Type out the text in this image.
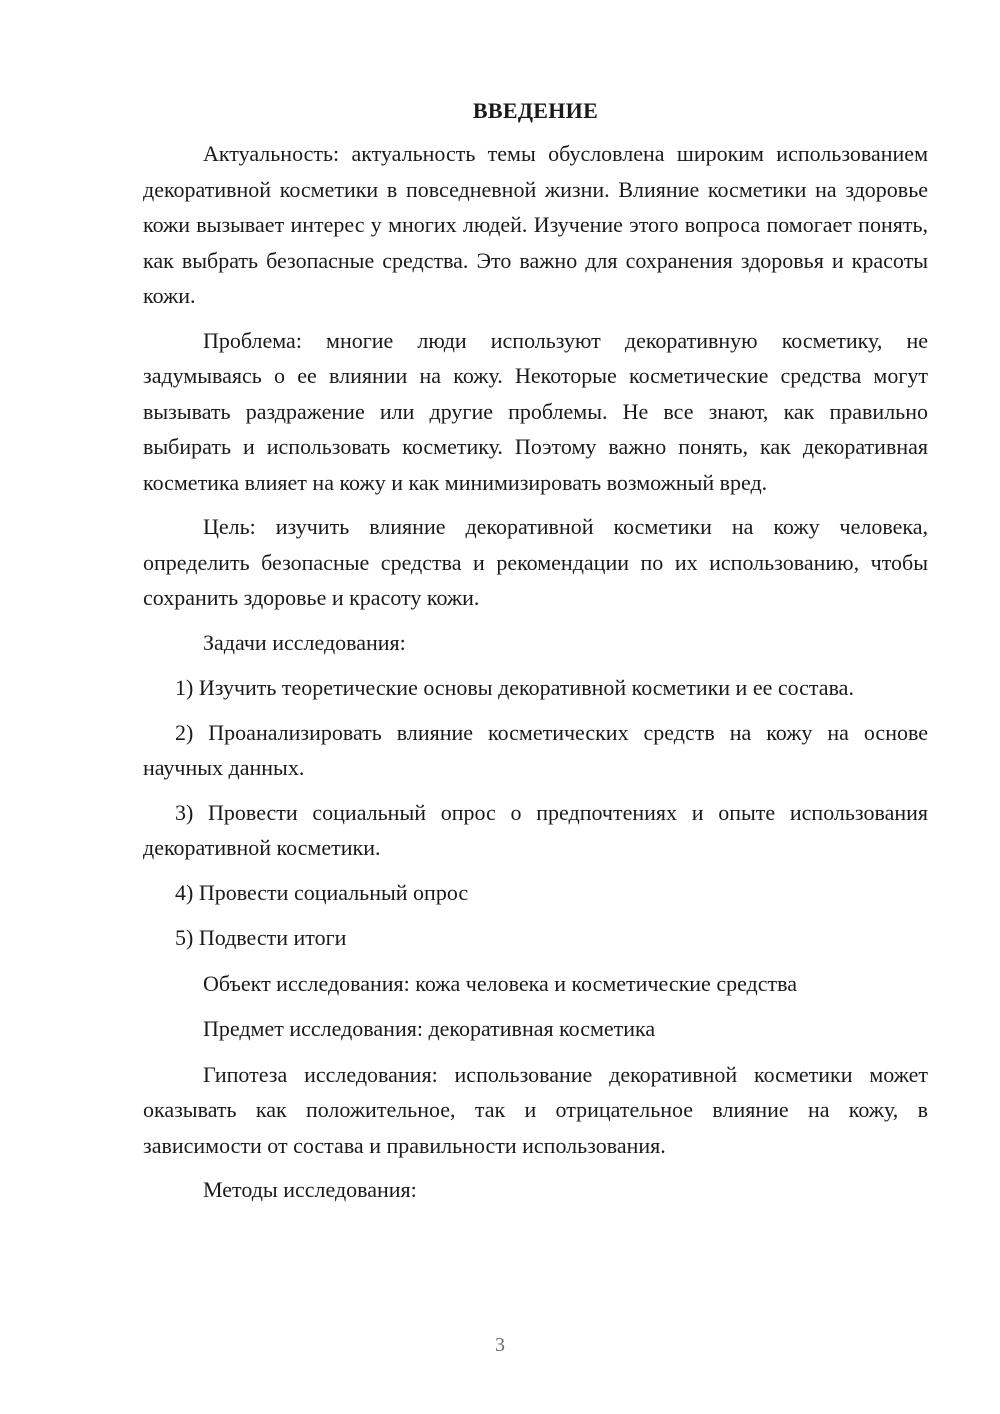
ВВЕДЕНИЕ

Актуальность: актуальность темы обусловлена широким использованием декоративной косметики в повседневной жизни. Влияние косметики на здоровье кожи вызывает интерес у многих людей. Изучение этого вопроса помогает понять, как выбрать безопасные средства. Это важно для сохранения здоровья и красоты кожи.

Проблема: многие люди используют декоративную косметику, не задумываясь о ее влиянии на кожу. Некоторые косметические средства могут вызывать раздражение или другие проблемы. Не все знают, как правильно выбирать и использовать косметику. Поэтому важно понять, как декоративная косметика влияет на кожу и как минимизировать возможный вред.

Цель: изучить влияние декоративной косметики на кожу человека, определить безопасные средства и рекомендации по их использованию, чтобы сохранить здоровье и красоту кожи.

Задачи исследования:

1) Изучить теоретические основы декоративной косметики и ее состава.

2) Проанализировать влияние косметических средств на кожу на основе научных данных.

3) Провести социальный опрос о предпочтениях и опыте использования декоративной косметики.

4) Провести социальный опрос

5) Подвести итоги

Объект исследования: кожа человека и косметические средства

Предмет исследования: декоративная косметика

Гипотеза исследования: использование декоративной косметики может оказывать как положительное, так и отрицательное влияние на кожу, в зависимости от состава и правильности использования.

Методы исследования:

3
